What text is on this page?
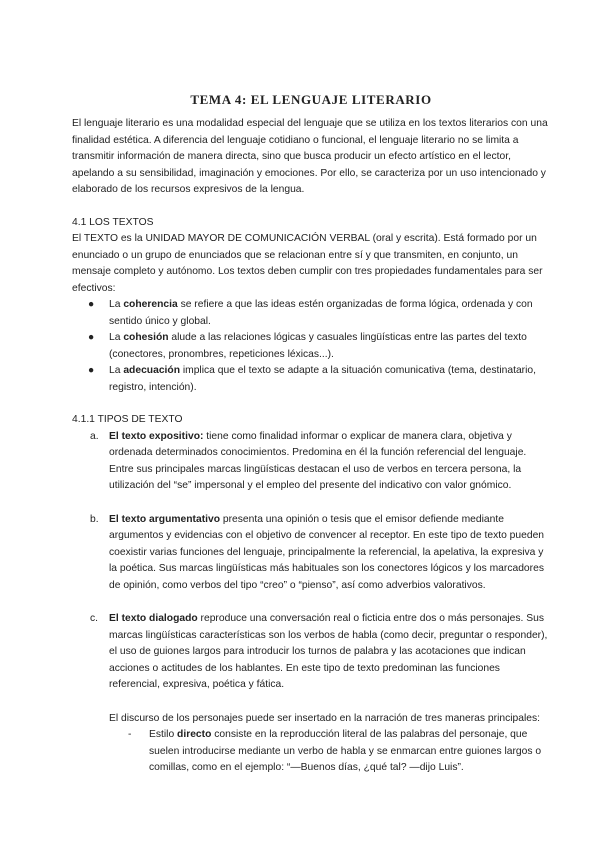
TEMA 4: EL LENGUAJE LITERARIO

El lenguaje literario es una modalidad especial del lenguaje que se utiliza en los textos literarios con una finalidad estética. A diferencia del lenguaje cotidiano o funcional, el lenguaje literario no se limita a transmitir información de manera directa, sino que busca producir un efecto artístico en el lector, apelando a su sensibilidad, imaginación y emociones. Por ello, se caracteriza por un uso intencionado y elaborado de los recursos expresivos de la lengua.

4.1 LOS TEXTOS

El TEXTO es la UNIDAD MAYOR DE COMUNICACIÓN VERBAL (oral y escrita). Está formado por un enunciado o un grupo de enunciados que se relacionan entre sí y que transmiten, en conjunto, un mensaje completo y autónomo. Los textos deben cumplir con tres propiedades fundamentales para ser efectivos:

● La coherencia se refiere a que las ideas estén organizadas de forma lógica, ordenada y con sentido único y global.
● La cohesión alude a las relaciones lógicas y casuales lingüísticas entre las partes del texto (conectores, pronombres, repeticiones léxicas...).
● La adecuación implica que el texto se adapte a la situación comunicativa (tema, destinatario, registro, intención).

4.1.1 TIPOS DE TEXTO

a. El texto expositivo: tiene como finalidad informar o explicar de manera clara, objetiva y ordenada determinados conocimientos. Predomina en él la función referencial del lenguaje. Entre sus principales marcas lingüísticas destacan el uso de verbos en tercera persona, la utilización del “se” impersonal y el empleo del presente del indicativo con valor gnómico.
b. El texto argumentativo presenta una opinión o tesis que el emisor defiende mediante argumentos y evidencias con el objetivo de convencer al receptor. En este tipo de texto pueden coexistir varias funciones del lenguaje, principalmente la referencial, la apelativa, la expresiva y la poética. Sus marcas lingüísticas más habituales son los conectores lógicos y los marcadores de opinión, como verbos del tipo “creo” o “pienso”, así como adverbios valorativos.
c. El texto dialogado reproduce una conversación real o ficticia entre dos o más personajes. Sus marcas lingüísticas características son los verbos de habla (como decir, preguntar o responder), el uso de guiones largos para introducir los turnos de palabra y las acotaciones que indican acciones o actitudes de los hablantes. En este tipo de texto predominan las funciones referencial, expresiva, poética y fática.

El discurso de los personajes puede ser insertado en la narración de tres maneras principales:

- Estilo directo consiste en la reproducción literal de las palabras del personaje, que suelen introducirse mediante un verbo de habla y se enmarcan entre guiones largos o comillas, como en el ejemplo: “—Buenos días, ¿qué tal? —dijo Luis”.
